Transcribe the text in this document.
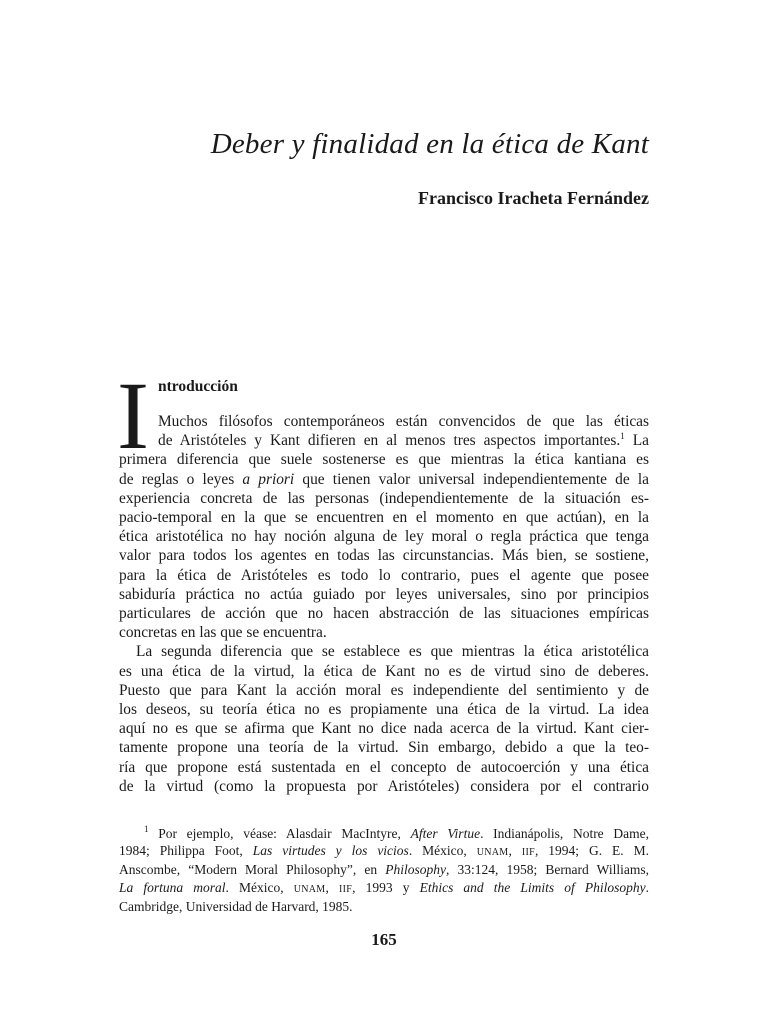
Deber y finalidad en la ética de Kant
Francisco Iracheta Fernández
I ntroducción
Muchos filósofos contemporáneos están convencidos de que las éticas
de Aristóteles y Kant difieren en al menos tres aspectos importantes.$^1$ La
primera diferencia que suele sostenerse es que mientras la ética kantiana es
de reglas o leyes a priori que tienen valor universal independientemente de la
experiencia concreta de las personas (independientemente de la situación es-
pacio-temporal en la que se encuentren en el momento en que actúan), en la
ética aristotélica no hay noción alguna de ley moral o regla práctica que tenga
valor para todos los agentes en todas las circunstancias. Más bien, se sostiene,
para la ética de Aristóteles es todo lo contrario, pues el agente que posee
sabiduría práctica no actúa guiado por leyes universales, sino por principios
particulares de acción que no hacen abstracción de las situaciones empíricas
concretas en las que se encuentra.
La segunda diferencia que se establece es que mientras la ética aristotélica
es una ética de la virtud, la ética de Kant no es de virtud sino de deberes.
Puesto que para Kant la acción moral es independiente del sentimiento y de
los deseos, su teoría ética no es propiamente una ética de la virtud. La idea
aquí no es que se afirma que Kant no dice nada acerca de la virtud. Kant cier-
tamente propone una teoría de la virtud. Sin embargo, debido a que la teo-
ría que propone está sustentada en el concepto de autocoerción y una ética
de la virtud (como la propuesta por Aristóteles) considera por el contrario
$^1$ Por ejemplo, véase: Alasdair MacIntyre, After Virtue. Indianápolis, Notre Dame,
1984; Philippa Foot, Las virtudes y los vicios. México, UNAM, IIF, 1994; G. E. M.
Anscombe, “Modern Moral Philosophy”, en Philosophy, 33:124, 1958; Bernard Williams,
La fortuna moral. México, UNAM, IIF, 1993 y Ethics and the Limits of Philosophy.
Cambridge, Universidad de Harvard, 1985.
165
